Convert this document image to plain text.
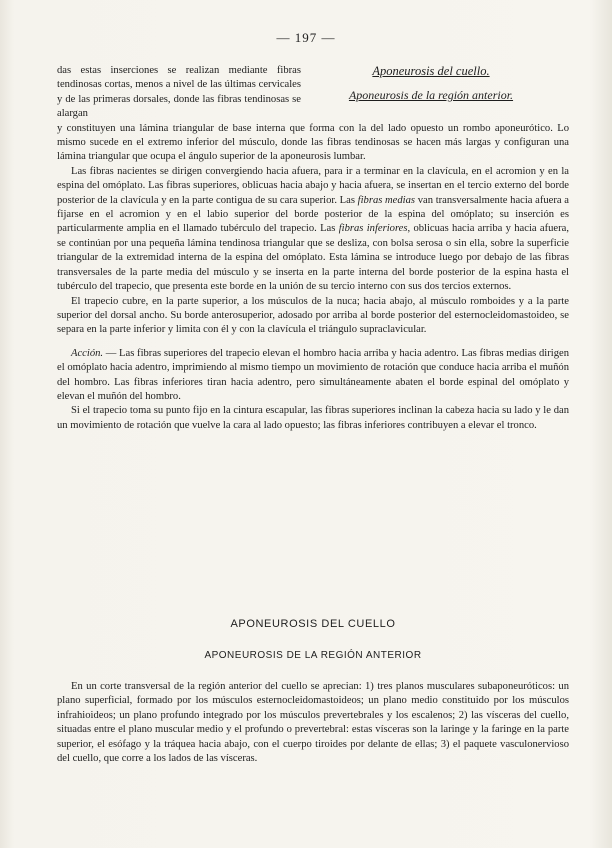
— 197 —
Aponeurosis del cuello.
Aponeurosis de la región anterior.

das estas inserciones se realizan mediante fibras tendinosas cortas, menos a nivel de las últimas cervicales y de las primeras dorsales, donde las fibras tendinosas se alargan

y constituyen una lámina triangular de base interna que forma con la del lado opuesto un rombo aponeurótico. Lo mismo sucede en el extremo inferior del músculo, donde las fibras tendinosas se hacen más largas y configuran una lámina triangular que ocupa el ángulo superior de la aponeurosis lumbar.

Las fibras nacientes se dirigen convergiendo hacia afuera, para ir a terminar en la clavícula, en el acromion y en la espina del omóplato. Las fibras superiores, oblicuas hacia abajo y hacia afuera, se insertan en el tercio externo del borde posterior de la clavícula y en la parte contigua de su cara superior. Las fibras medias van transversalmente hacia afuera a fijarse en el acromion y en el labio superior del borde posterior de la espina del omóplato; su inserción es particularmente amplia en el llamado tubérculo del trapecio. Las fibras inferiores, oblicuas hacia arriba y hacia afuera, se continúan por una pequeña lámina tendinosa triangular que se desliza, con bolsa serosa o sin ella, sobre la superficie triangular de la extremidad interna de la espina del omóplato. Esta lámina se introduce luego por debajo de las fibras transversales de la parte media del músculo y se inserta en la parte interna del borde posterior de la espina hasta el tubérculo del trapecio, que presenta este borde en la unión de su tercio interno con sus dos tercios externos.

El trapecio cubre, en la parte superior, a los músculos de la nuca; hacia abajo, al músculo romboides y a la parte superior del dorsal ancho. Su borde anterosuperior, adosado por arriba al borde posterior del esternocleidomastoideo, se separa en la parte inferior y limita con él y con la clavícula el triángulo supraclavicular.

Acción. — Las fibras superiores del trapecio elevan el hombro hacia arriba y hacia adentro. Las fibras medias dirigen el omóplato hacia adentro, imprimiendo al mismo tiempo un movimiento de rotación que conduce hacia arriba el muñón del hombro. Las fibras inferiores tiran hacia adentro, pero simultáneamente abaten el borde espinal del omóplato y elevan el muñón del hombro.

Si el trapecio toma su punto fijo en la cintura escapular, las fibras superiores inclinan la cabeza hacia su lado y le dan un movimiento de rotación que vuelve la cara al lado opuesto; las fibras inferiores contribuyen a elevar el tronco.

APONEUROSIS DEL CUELLO
APONEUROSIS DE LA REGIÓN ANTERIOR

En un corte transversal de la región anterior del cuello se aprecian: 1) tres planos musculares subaponeuróticos: un plano superficial, formado por los músculos esternocleidomastoideos; un plano medio constituido por los músculos infrahioideos; un plano profundo integrado por los músculos prevertebrales y los escalenos; 2) las vísceras del cuello, situadas entre el plano muscular medio y el profundo o prevertebral: estas vísceras son la laringe y la faringe en la parte superior, el esófago y la tráquea hacia abajo, con el cuerpo tiroides por delante de ellas; 3) el paquete vasculonervioso del cuello, que corre a los lados de las vísceras.
